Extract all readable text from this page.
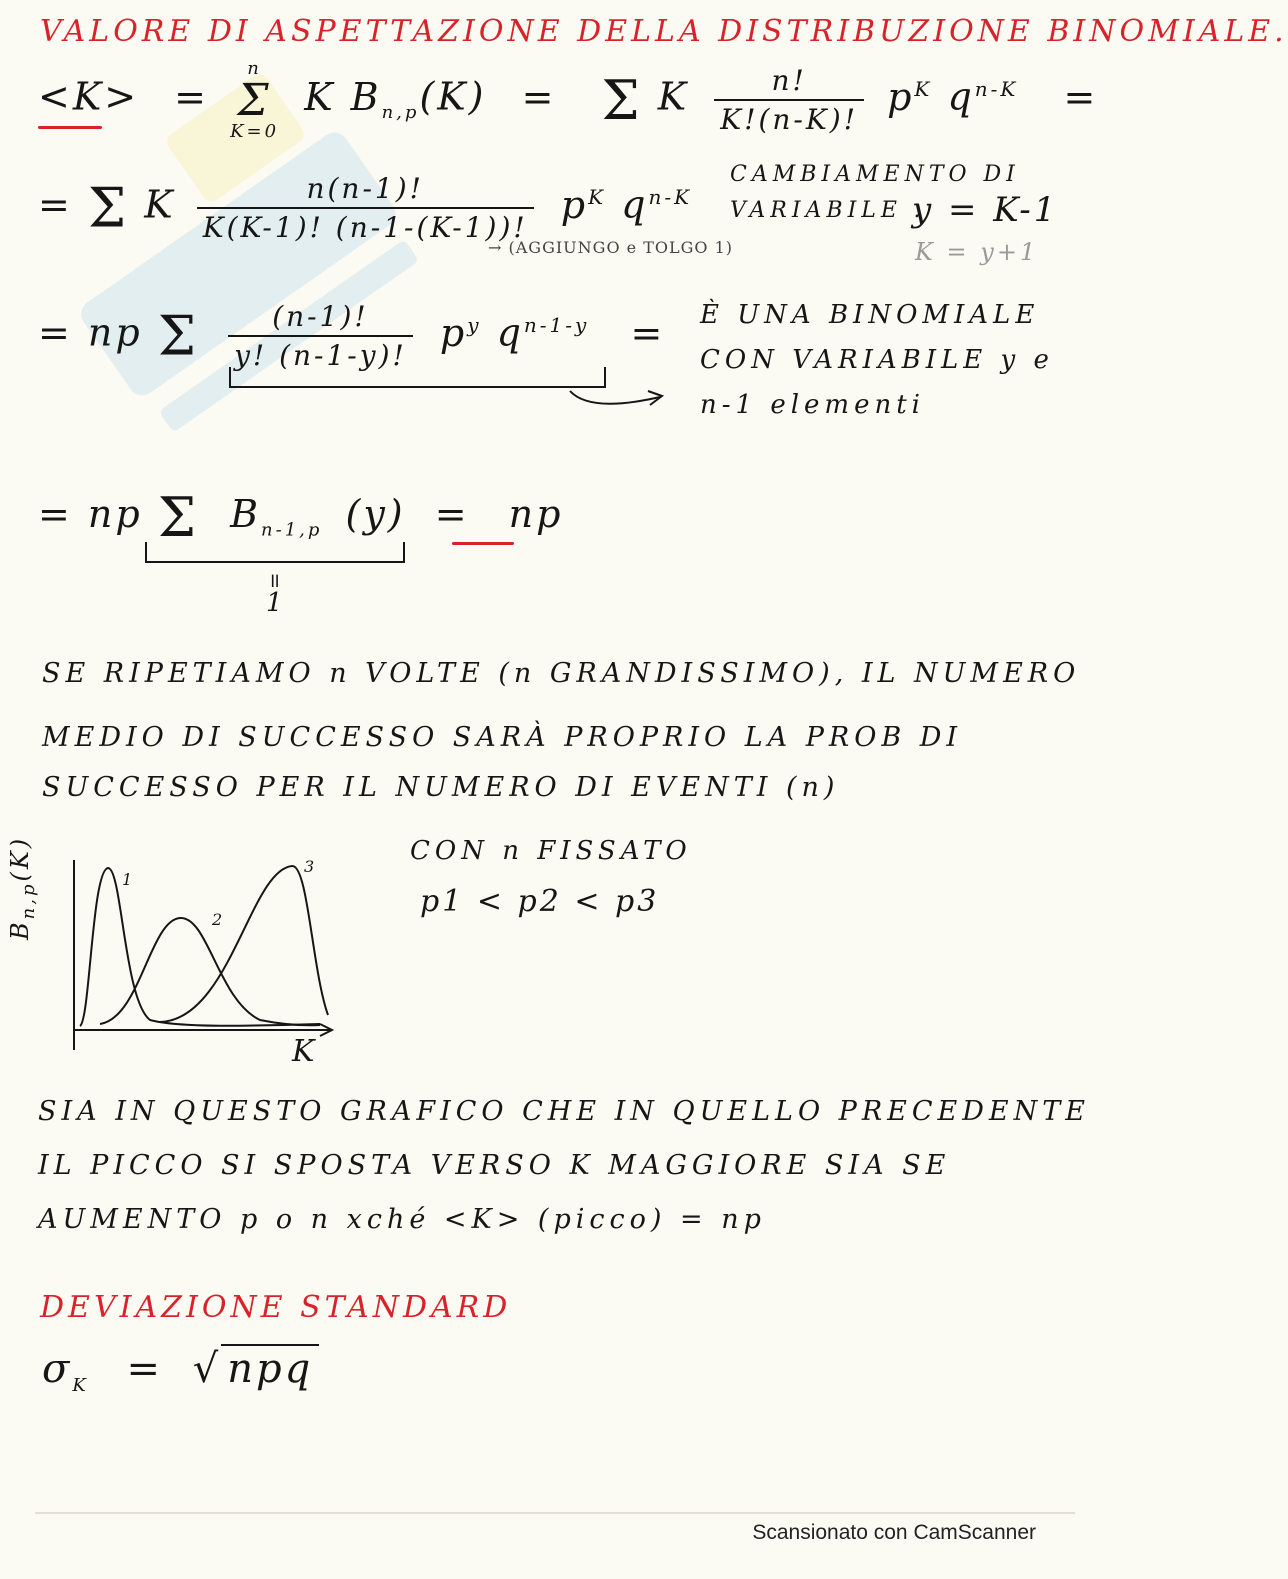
VALORE DI ASPETTAZIONE DELLA DISTRIBUZIONE BINOMIALE.
<K> =
n
Σ
K=0
K $B_{n,p}(K) = \Sigma$ K $\frac{n!}{K!(n-K)!} p^K$ $q^{n-K}$ =
= Σ K $\frac{n(n-1)!}{K(K-1)! (n-1-(K-1))!} p^K$ $q^{n-K}$
→ (AGGIUNGO e TOLGO 1)
CAMBIAMENTO DI
VARIABILE :
y = K-1
K = y+1
= np Σ $\frac{(n-1)!}{y! (n-1-y)!} p^y$ $q^{n-1-y}$ = È UNA BINOMIALE
CON VARIABILE y e
n-1 elementi
= np Σ $B_{n-1,p}$ (y) = np
॥
1
SE RIPETIAMO n VOLTE (n GRANDISSIMO), IL NUMERO
MEDIO DI SUCCESSO SARÀ PROPRIO LA PROB DI
SUCCESSO PER IL NUMERO DI EVENTI (n)
1
2
3
$B_{n,p}(K)$
K
CON n FISSATO
p1 < p2 < p3
SIA IN QUESTO GRAFICO CHE IN QUELLO PRECEDENTE
IL PICCO SI SPOSTA VERSO K MAGGIORE SIA SE
AUMENTO p o n xché <K> (picco) = np
DEVIAZIONE STANDARD
$\sigma_K$ = √ npq
Scansionato con CamScanner
